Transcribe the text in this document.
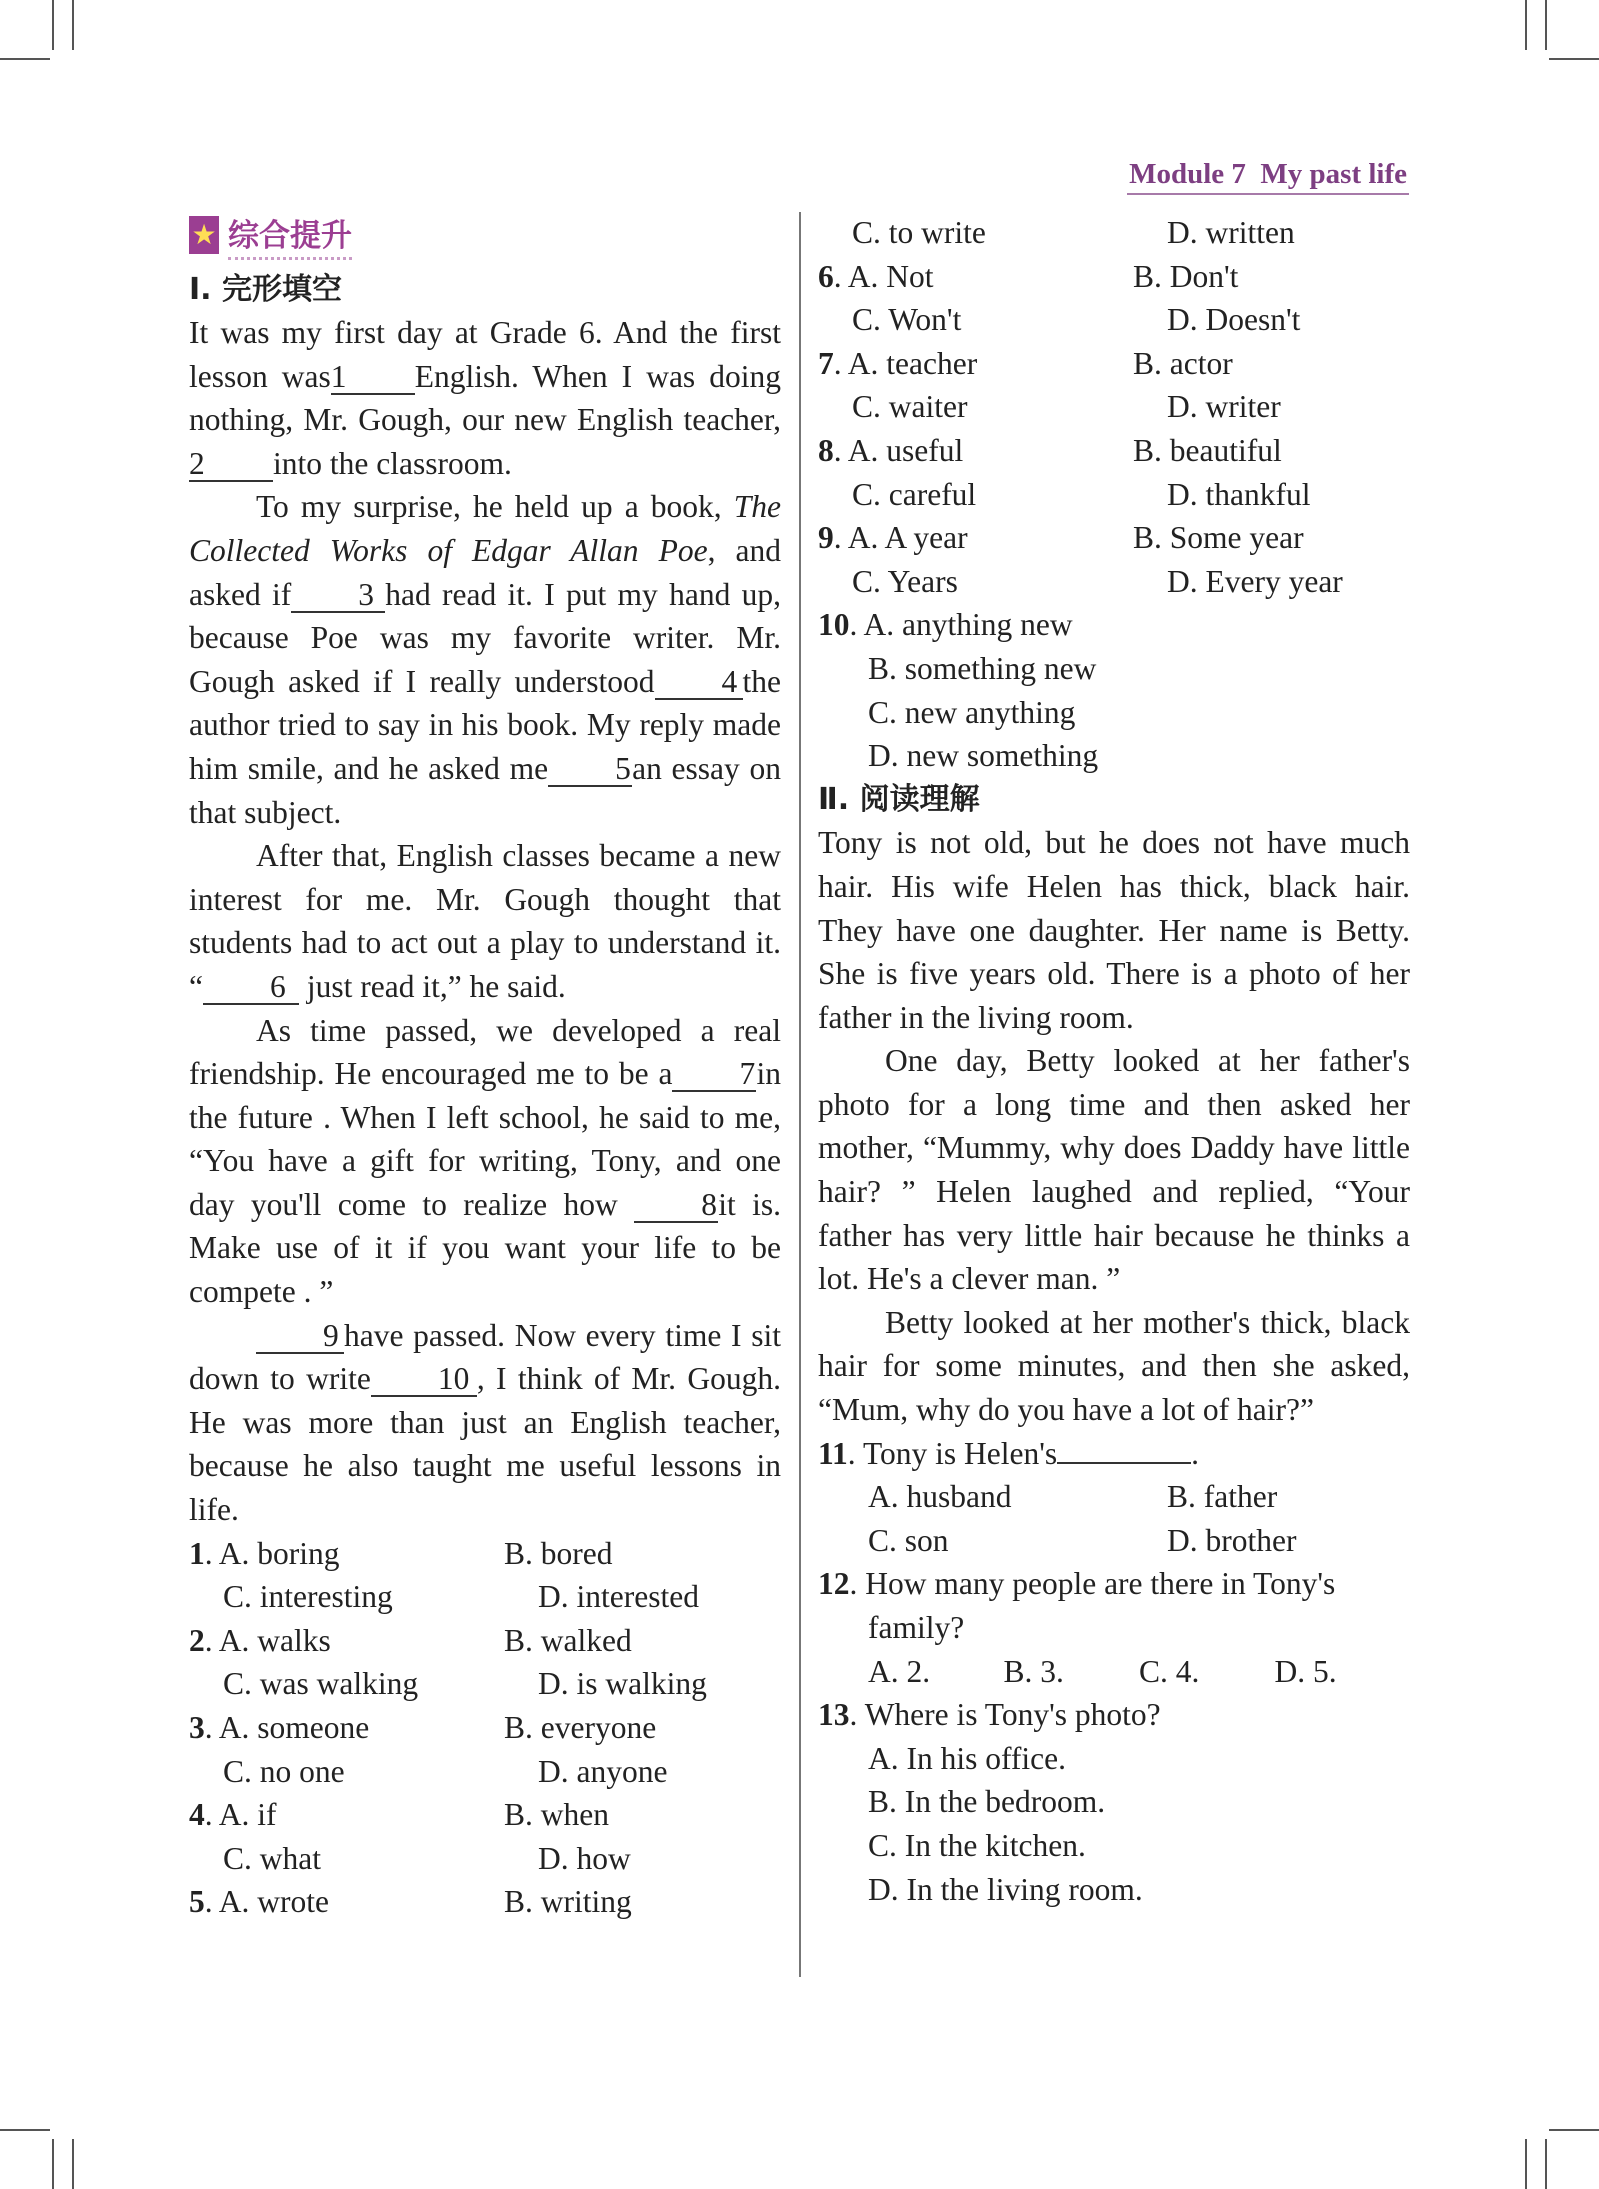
Module 7 My past life
★ 综合提升

Ⅰ. 完形填空

It was my first day at Grade 6. And the first lesson was1 English. When I was doing nothing, Mr. Gough, our new English teacher,2 into the classroom.

To my surprise, he held up a book, The Collected Works of Edgar Allan Poe, and asked if 3 had read it. I put my hand up, because Poe was my favorite writer. Mr. Gough asked if I really understood 4 the author tried to say in his book. My reply made him smile, and he asked me 5an essay on that subject.

After that, English classes became a new interest for me. Mr. Gough thought that students had to act out a play to understand it. “ 6 just read it,” he said.

As time passed, we developed a real friendship. He encouraged me to be a 7in the future . When I left school, he said to me, “You have a gift for writing, Tony, and one day you'll come to realize how	8it is. Make use of it if you want your life to be compete . ”

9 have passed. Now every time I sit down to write 10 , I think of Mr. Gough. He was more than just an English teacher, because he also taught me useful lessons in life.

1. A. boring	B. bored
C. interesting	D. interested
2. A. walks	B. walked
C. was walking	D. is walking
3. A. someone	B. everyone
C. no one	D. anyone
4. A. if	B. when
C. what	D. how
5. A. wrote	B. writing
C. to write	D. written
6. A. Not	B. Don't
C. Won't	D. Doesn't
7. A. teacher	B. actor
C. waiter	D. writer
8. A. useful	B. beautiful
C. careful	D. thankful
9. A. A year	B. Some year
C. Years	D. Every year
10. A. anything new
B. something new
C. new anything
D. new something

Ⅱ. 阅读理解

Tony is not old, but he does not have much hair. His wife Helen has thick, black hair. They have one daughter. Her name is Betty. She is five years old. There is a photo of her father in the living room.

One day, Betty looked at her father's photo for a long time and then asked her mother, “Mummy, why does Daddy have little hair? ” Helen laughed and replied, “Your father has very little hair because he thinks a lot. He's a clever man. ”

Betty looked at her mother's thick, black hair for some minutes, and then she asked, “Mum, why do you have a lot of hair?”

11. Tony is Helen's	.
A. husband	B. father
C. son	D. brother
12. How many people are there in Tony's family?
A. 2.	B. 3.	C. 4.	D. 5.
13. Where is Tony's photo?
A. In his office.
B. In the bedroom.
C. In the kitchen.
D. In the living room.
